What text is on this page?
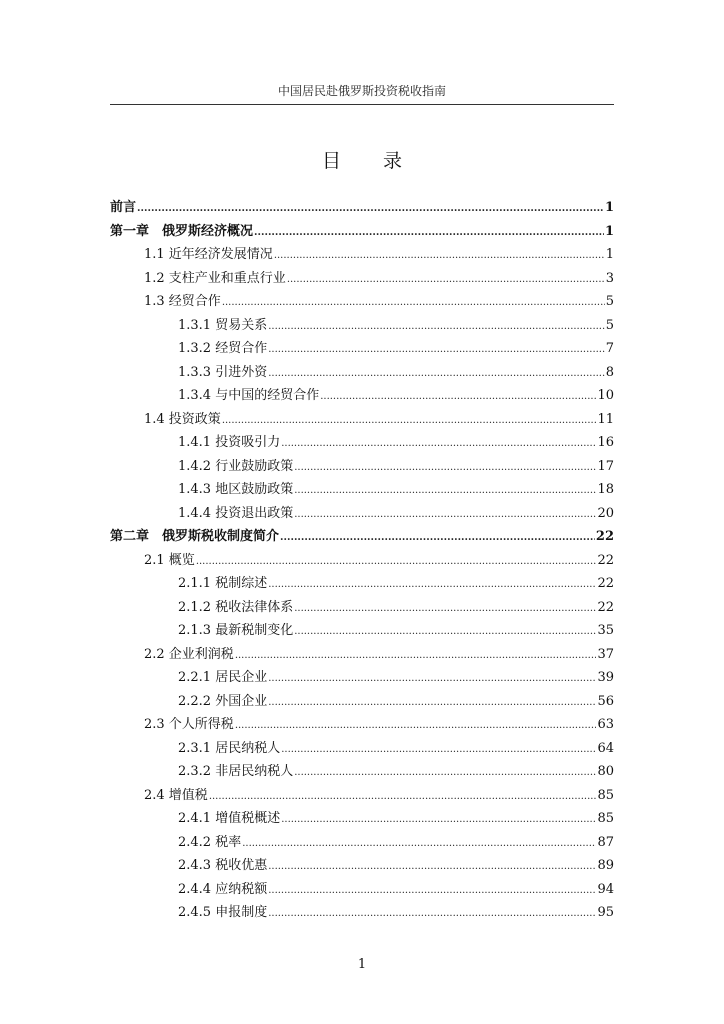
中国居民赴俄罗斯投资税收指南
目 录
前言 .....	1
第一章　俄罗斯经济概况 .....	1
1.1 近年经济发展情况 .....	1
1.2 支柱产业和重点行业 .....	3
1.3 经贸合作 .....	5
1.3.1 贸易关系 .....	5
1.3.2 经贸合作 .....	7
1.3.3 引进外资 .....	8
1.3.4 与中国的经贸合作 .....	10
1.4 投资政策 .....	11
1.4.1 投资吸引力 .....	16
1.4.2 行业鼓励政策 .....	17
1.4.3 地区鼓励政策 .....	18
1.4.4 投资退出政策 .....	20
第二章　俄罗斯税收制度简介 .....	22
2.1 概览 .....	22
2.1.1 税制综述 .....	22
2.1.2 税收法律体系 .....	22
2.1.3 最新税制变化 .....	35
2.2 企业利润税 .....	37
2.2.1 居民企业 .....	39
2.2.2 外国企业 .....	56
2.3 个人所得税 .....	63
2.3.1 居民纳税人 .....	64
2.3.2 非居民纳税人 .....	80
2.4 增值税 .....	85
2.4.1 增值税概述 .....	85
2.4.2 税率 .....	87
2.4.3 税收优惠 .....	89
2.4.4 应纳税额 .....	94
2.4.5 申报制度 .....	95
1
